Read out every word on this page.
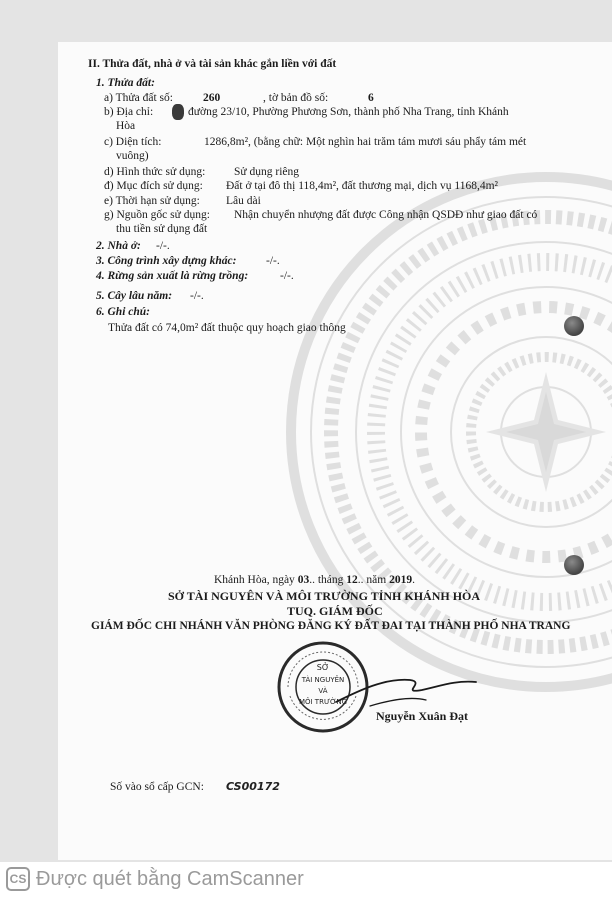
II. Thửa đất, nhà ở và tài sản khác gắn liền với đất
1. Thửa đất:
a) Thửa đất số:	260	, tờ bản đồ số:	6
b) Địa chỉ:	đường 23/10, Phường Phương Sơn, thành phố Nha Trang, tỉnh Khánh
Hòa
c) Diện tích:	1286,8m², (bằng chữ: Một nghìn hai trăm tám mươi sáu phẩy tám mét
vuông)
d) Hình thức sử dụng: Sử dụng riêng
đ) Mục đích sử dụng: Đất ở tại đô thị 118,4m², đất thương mại, dịch vụ 1168,4m²
e) Thời hạn sử dụng: Lâu dài
g) Nguồn gốc sử dụng: Nhận chuyển nhượng đất được Công nhận QSDĐ như giao đất có
thu tiền sử dụng đất
2. Nhà ở: -/-.
3. Công trình xây dựng khác:	-/-.
4. Rừng sản xuất là rừng trồng:	-/-.
5. Cây lâu năm: -/-.
6. Ghi chú:
Thửa đất có 74,0m² đất thuộc quy hoạch giao thông
Khánh Hòa, ngày 03.. tháng 12.. năm 2019.
SỞ TÀI NGUYÊN VÀ MÔI TRƯỜNG TỈNH KHÁNH HÒA
TUQ. GIÁM ĐỐC
GIÁM ĐỐC CHI NHÁNH VĂN PHÒNG ĐĂNG KÝ ĐẤT ĐAI TẠI THÀNH PHỐ NHA TRANG
SỞ
TÀI NGUYÊN
VÀ
MÔI TRƯỜNG
Nguyễn Xuân Đạt
Số vào sổ cấp GCN: CS00172
CS Được quét bằng CamScanner
